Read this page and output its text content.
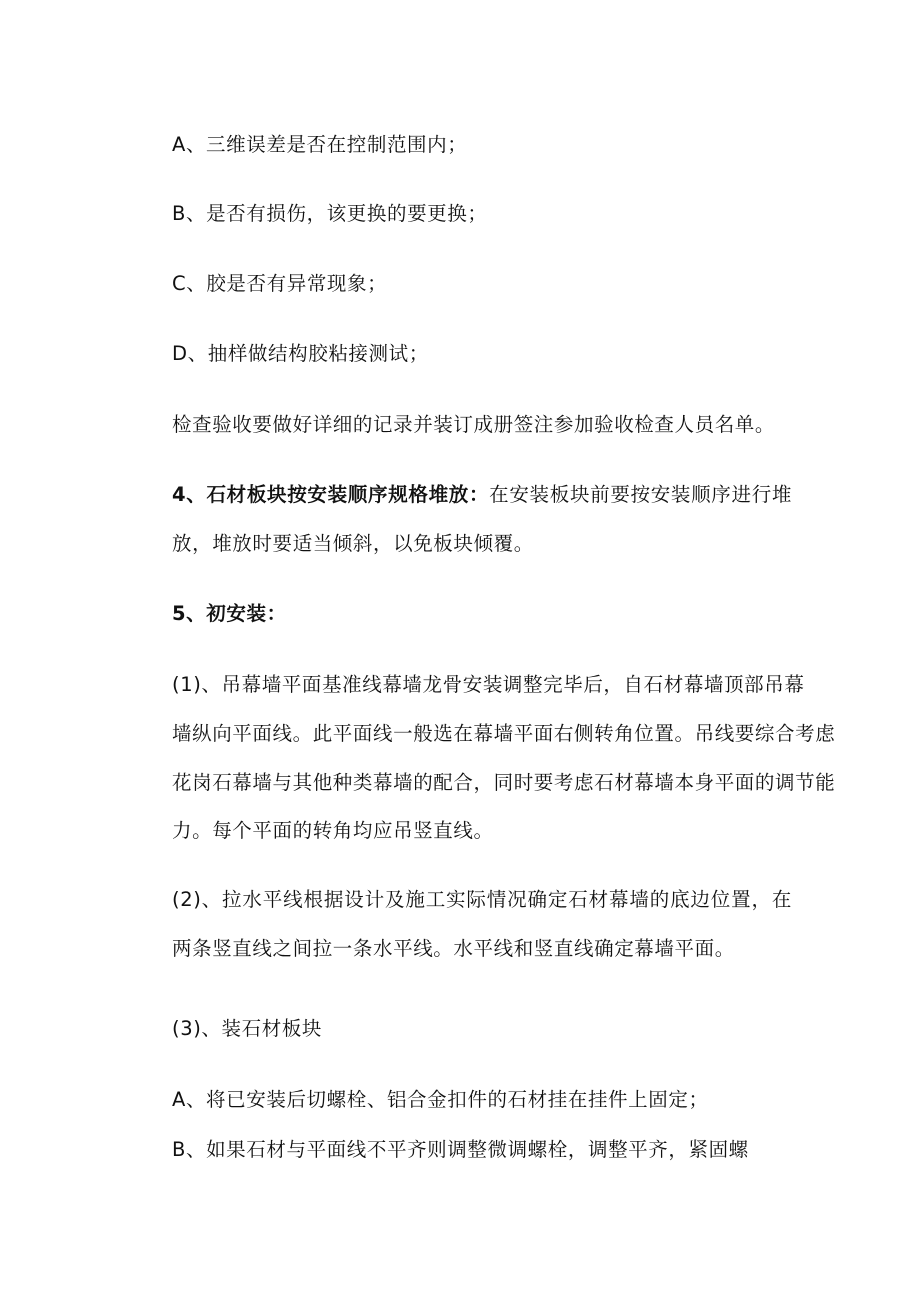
A、三维误差是否在控制范围内；
B、是否有损伤，该更换的要更换；
C、胶是否有异常现象；
D、抽样做结构胶粘接测试；
检查验收要做好详细的记录并装订成册签注参加验收检查人员名单。
4、石材板块按安装顺序规格堆放：在安装板块前要按安装顺序进行堆
放，堆放时要适当倾斜，以免板块倾覆。
5、初安装：
(1)、吊幕墙平面基准线幕墙龙骨安装调整完毕后，自石材幕墙顶部吊幕
墙纵向平面线。此平面线一般选在幕墙平面右侧转角位置。吊线要综合考虑
花岗石幕墙与其他种类幕墙的配合，同时要考虑石材幕墙本身平面的调节能
力。每个平面的转角均应吊竖直线。
(2)、拉水平线根据设计及施工实际情况确定石材幕墙的底边位置，在
两条竖直线之间拉一条水平线。水平线和竖直线确定幕墙平面。
(3)、装石材板块
A、将已安装后切螺栓、铝合金扣件的石材挂在挂件上固定；
B、如果石材与平面线不平齐则调整微调螺栓，调整平齐，紧固螺
